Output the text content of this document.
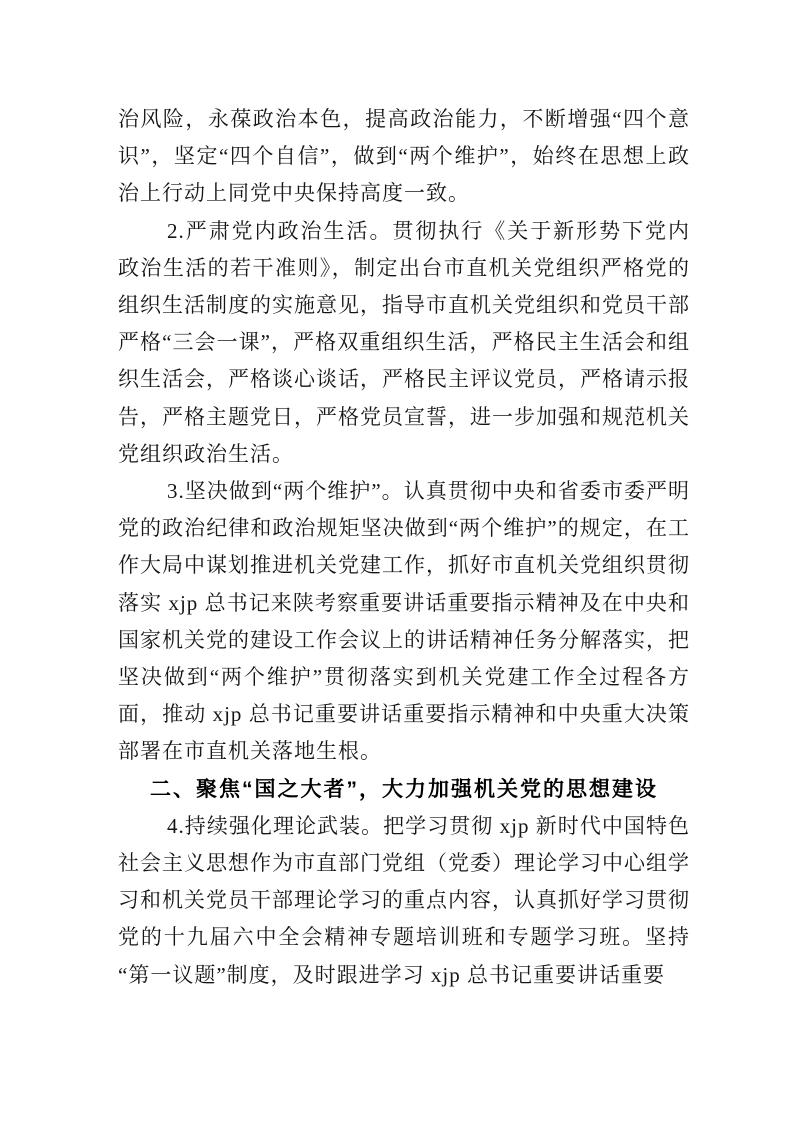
治风险，永葆政治本色，提高政治能力，不断增强“四个意识”，坚定“四个自信”，做到“两个维护”，始终在思想上政治上行动上同党中央保持高度一致。

2.严肃党内政治生活。贯彻执行《关于新形势下党内政治生活的若干准则》，制定出台市直机关党组织严格党的组织生活制度的实施意见，指导市直机关党组织和党员干部严格“三会一课”，严格双重组织生活，严格民主生活会和组织生活会，严格谈心谈话，严格民主评议党员，严格请示报告，严格主题党日，严格党员宣誓，进一步加强和规范机关党组织政治生活。

3.坚决做到“两个维护”。认真贯彻中央和省委市委严明党的政治纪律和政治规矩坚决做到“两个维护”的规定，在工作大局中谋划推进机关党建工作，抓好市直机关党组织贯彻落实 xjp 总书记来陕考察重要讲话重要指示精神及在中央和国家机关党的建设工作会议上的讲话精神任务分解落实，把坚决做到“两个维护”贯彻落实到机关党建工作全过程各方面，推动 xjp 总书记重要讲话重要指示精神和中央重大决策部署在市直机关落地生根。

二、聚焦“国之大者”，大力加强机关党的思想建设

4.持续强化理论武装。把学习贯彻 xjp 新时代中国特色社会主义思想作为市直部门党组（党委）理论学习中心组学习和机关党员干部理论学习的重点内容，认真抓好学习贯彻党的十九届六中全会精神专题培训班和专题学习班。坚持“第一议题”制度，及时跟进学习 xjp 总书记重要讲话重要
